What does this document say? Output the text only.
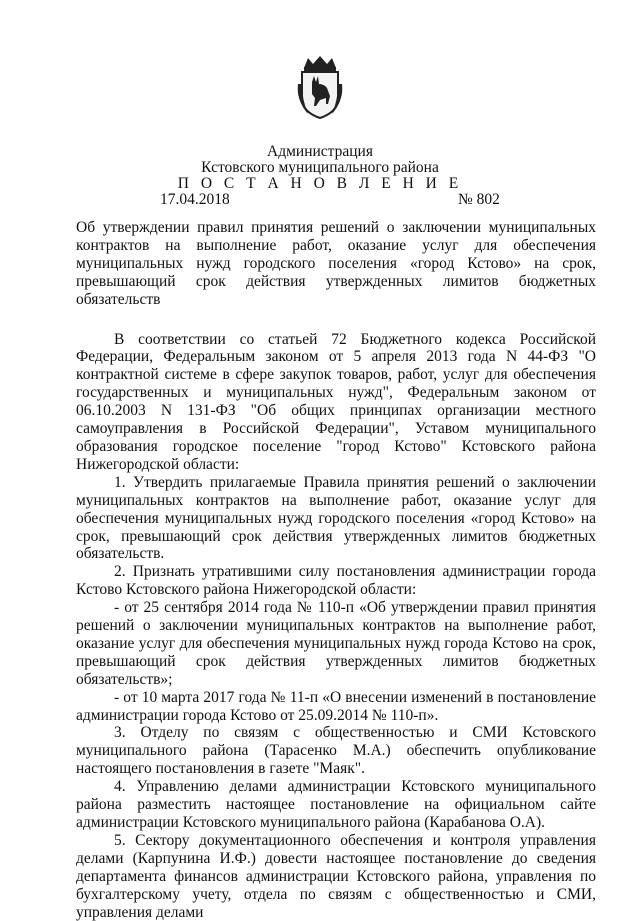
Администрация
Кстовского муниципального района
П О С Т А Н О В Л Е Н И Е
17.04.2018	№ 802

Об утверждении правил принятия решений о заключении муниципальных контрактов на выполнение работ, оказание услуг для обеспечения муниципальных нужд городского поселения «город Кстово» на срок, превышающий срок действия утвержденных лимитов бюджетных обязательств

В соответствии со статьей 72 Бюджетного кодекса Российской Федерации, Федеральным законом от 5 апреля 2013 года N 44-ФЗ "О контрактной системе в сфере закупок товаров, работ, услуг для обеспечения государственных и муниципальных нужд", Федеральным законом от 06.10.2003 N 131-ФЗ "Об общих принципах организации местного самоуправления в Российской Федерации", Уставом муниципального образования городское поселение "город Кстово" Кстовского района Нижегородской области:

1. Утвердить прилагаемые Правила принятия решений о заключении муниципальных контрактов на выполнение работ, оказание услуг для обеспечения муниципальных нужд городского поселения «город Кстово» на срок, превышающий срок действия утвержденных лимитов бюджетных обязательств.

2. Признать утратившими силу постановления администрации города Кстово Кстовского района Нижегородской области:

- от 25 сентября 2014 года № 110-п «Об утверждении правил принятия решений о заключении муниципальных контрактов на выполнение работ, оказание услуг для обеспечения муниципальных нужд города Кстово на срок, превышающий срок действия утвержденных лимитов бюджетных обязательств»;

- от 10 марта 2017 года № 11-п «О внесении изменений в постановление администрации города Кстово от 25.09.2014 № 110-п».

3. Отделу по связям с общественностью и СМИ Кстовского муниципального района (Тарасенко М.А.) обеспечить опубликование настоящего постановления в газете "Маяк".

4. Управлению делами администрации Кстовского муниципального района разместить настоящее постановление на официальном сайте администрации Кстовского муниципального района (Карабанова О.А).

5. Сектору документационного обеспечения и контроля управления делами (Карпунина И.Ф.) довести настоящее постановление до сведения департамента финансов администрации Кстовского района, управления по бухгалтерскому учету, отдела по связям с общественностью и СМИ, управления делами
